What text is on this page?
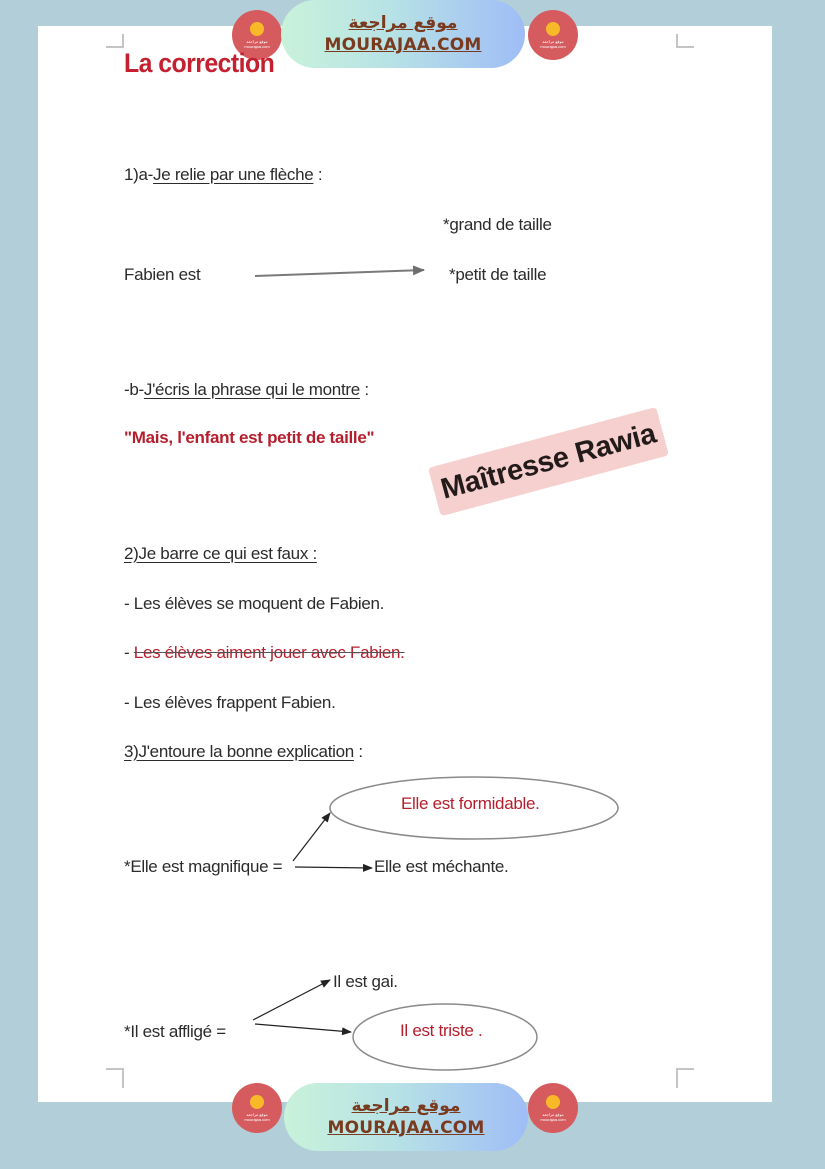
موقع مراجعة
mourajaa.com
موقع مراجعة
MOURAJAA.COM	موقع مراجعة
mourajaa.com
La correction
1)a-Je relie par une flèche :
*grand de taille
Fabien est	*petit de taille
-b-J'écris la phrase qui le montre :
"Mais, l'enfant est petit de taille"	Maîtresse Rawia
2)Je barre ce qui est faux :
- Les élèves se moquent de Fabien.
- Les élèves aiment jouer avec Fabien.
- Les élèves frappent Fabien.
3)J'entoure la bonne explication :
Elle est formidable.
*Elle est magnifique =	Elle est méchante.
Il est gai.
*Il est affligé =	Il est triste .
موقع مراجعة
mourajaa.com
موقع مراجعة
MOURAJAA.COM
موقع مراجعة
mourajaa.com
